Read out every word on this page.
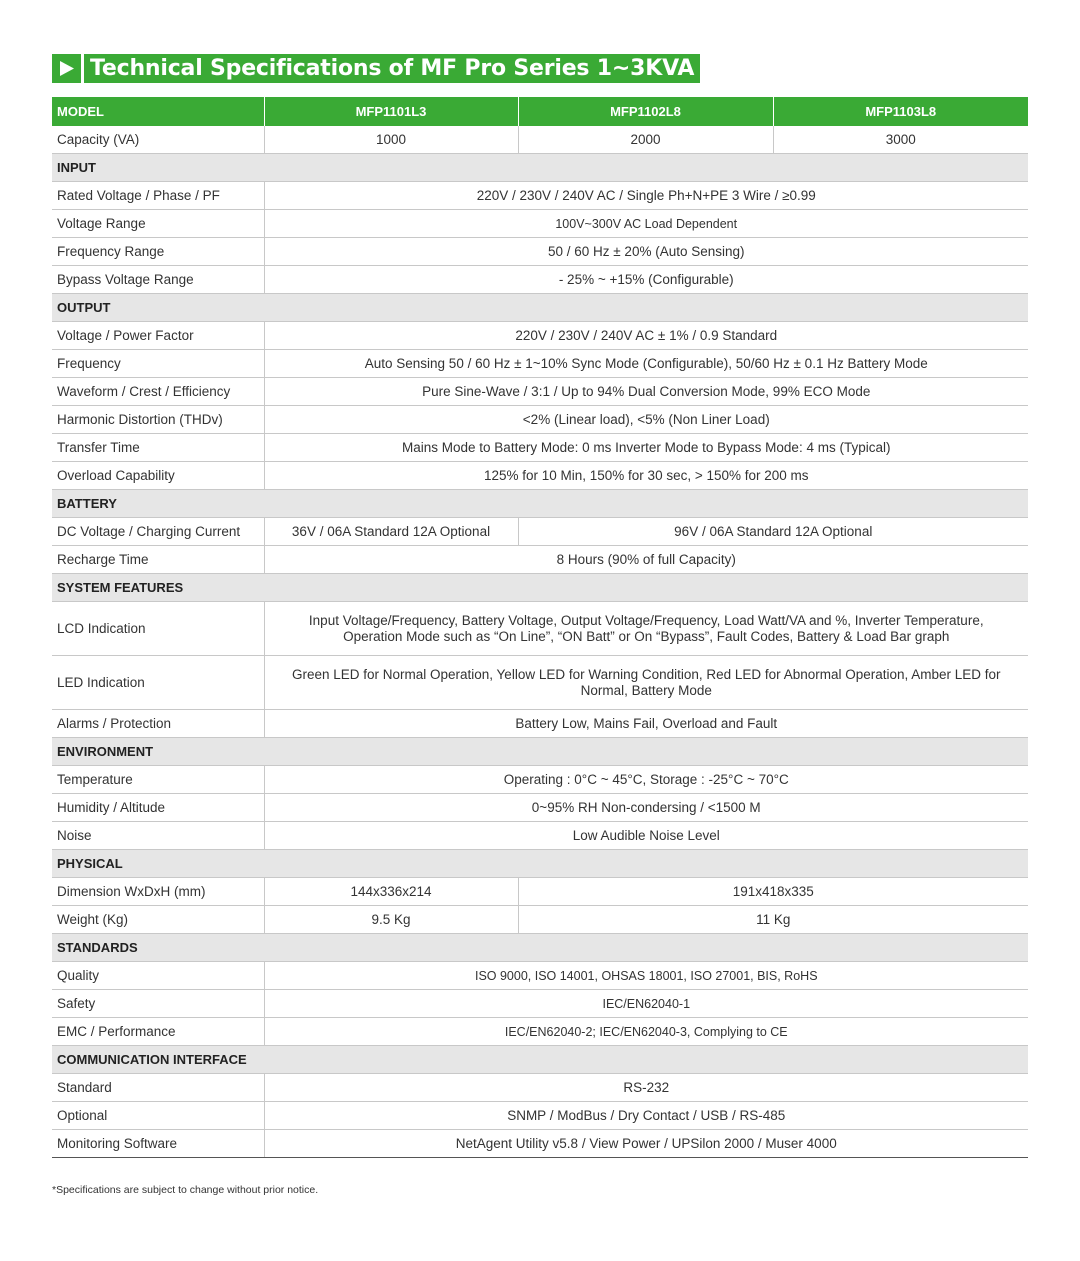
Technical Specifications of MF Pro Series 1~3KVA
MODEL	MFP1101L3	MFP1102L8	MFP1103L8
Capacity (VA)	1000	2000	3000
INPUT			
Rated Voltage / Phase / PF	220V / 230V / 240V AC / Single Ph+N+PE 3 Wire / ≥0.99		
Voltage Range	100V~300V AC Load Dependent		
Frequency Range	50 / 60 Hz ± 20% (Auto Sensing)		
Bypass Voltage Range	- 25% ~ +15% (Configurable)		
OUTPUT			
Voltage / Power Factor	220V / 230V / 240V AC ± 1% / 0.9 Standard		
Frequency	Auto Sensing 50 / 60 Hz ± 1~10% Sync Mode (Configurable), 50/60 Hz ± 0.1 Hz Battery Mode		
Waveform / Crest / Efficiency	Pure Sine-Wave / 3:1 / Up to 94% Dual Conversion Mode, 99% ECO Mode		
Harmonic Distortion (THDv)	<2% (Linear load), <5% (Non Liner Load)		
Transfer Time	Mains Mode to Battery Mode: 0 ms Inverter Mode to Bypass Mode: 4 ms (Typical)		
Overload Capability	125% for 10 Min, 150% for 30 sec, > 150% for 200 ms		
BATTERY			
DC Voltage / Charging Current	36V / 06A Standard 12A Optional	96V / 06A Standard 12A Optional	
Recharge Time	8 Hours (90% of full Capacity)		
SYSTEM FEATURES			
LCD Indication	Input Voltage/Frequency, Battery Voltage, Output Voltage/Frequency, Load Watt/VA and %, Inverter Temperature,
Operation Mode such as “On Line”, “ON Batt” or On “Bypass”, Fault Codes, Battery & Load Bar graph		

LED Indication	Green LED for Normal Operation, Yellow LED for Warning Condition, Red LED for Abnormal Operation, Amber LED for
Normal, Battery Mode		

Alarms / Protection	Battery Low, Mains Fail, Overload and Fault		
ENVIRONMENT			
Temperature	Operating : 0°C ~ 45°C, Storage : -25°C ~ 70°C		
Humidity / Altitude	0~95% RH Non-condersing / <1500 M		
Noise	Low Audible Noise Level		
PHYSICAL			
Dimension WxDxH (mm)	144x336x214	191x418x335	
Weight (Kg)	9.5 Kg	11 Kg	
STANDARDS			
Quality	ISO 9000, ISO 14001, OHSAS 18001, ISO 27001, BIS, RoHS		
Safety	IEC/EN62040-1		
EMC / Performance	IEC/EN62040-2; IEC/EN62040-3, Complying to CE		
COMMUNICATION INTERFACE			
Standard	RS-232		
Optional	SNMP / ModBus / Dry Contact / USB / RS-485		
Monitoring Software	NetAgent Utility v5.8 / View Power / UPSilon 2000 / Muser 4000		
*Specifications are subject to change without prior notice.
